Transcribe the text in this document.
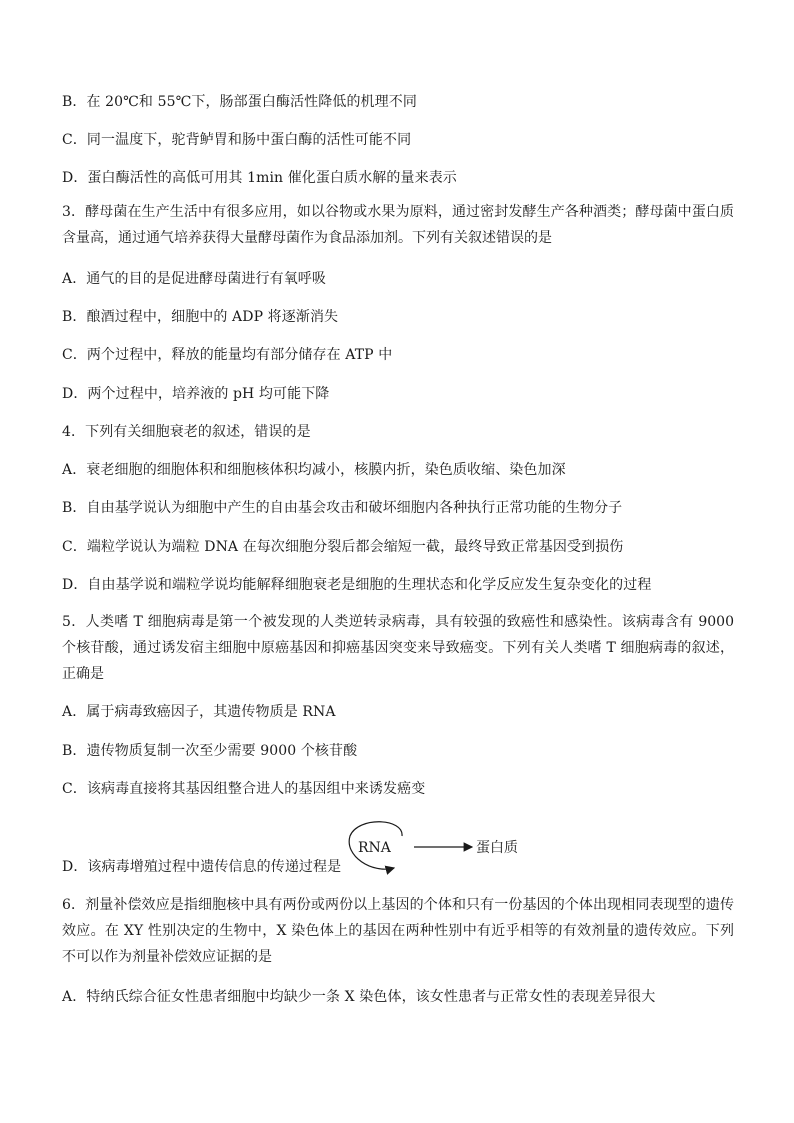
B．在 20℃和 55℃下，肠部蛋白酶活性降低的机理不同
C．同一温度下，驼背鲈胃和肠中蛋白酶的活性可能不同
D．蛋白酶活性的高低可用其 1min 催化蛋白质水解的量来表示
3．酵母菌在生产生活中有很多应用，如以谷物或水果为原料，通过密封发酵生产各种酒类；酵母菌中蛋白质含量高，通过通气培养获得大量酵母菌作为食品添加剂。下列有关叙述错误的是
A．通气的目的是促进酵母菌进行有氧呼吸
B．酿酒过程中，细胞中的 ADP 将逐渐消失
C．两个过程中，释放的能量均有部分储存在 ATP 中
D．两个过程中，培养液的 pH 均可能下降
4．下列有关细胞衰老的叙述，错误的是
A．衰老细胞的细胞体积和细胞核体积均减小，核膜内折，染色质收缩、染色加深
B．自由基学说认为细胞中产生的自由基会攻击和破坏细胞内各种执行正常功能的生物分子
C．端粒学说认为端粒 DNA 在每次细胞分裂后都会缩短一截，最终导致正常基因受到损伤
D．自由基学说和端粒学说均能解释细胞衰老是细胞的生理状态和化学反应发生复杂变化的过程
5．人类嗜 T 细胞病毒是第一个被发现的人类逆转录病毒，具有较强的致癌性和感染性。该病毒含有 9000 个核苷酸，通过诱发宿主细胞中原癌基因和抑癌基因突变来导致癌变。下列有关人类嗜 T 细胞病毒的叙述，正确是
A．属于病毒致癌因子，其遗传物质是 RNA
B．遗传物质复制一次至少需要 9000 个核苷酸
C．该病毒直接将其基因组整合进人的基因组中来诱发癌变
D．该病毒增殖过程中遗传信息的传递过程是
RNA	蛋白质
6．剂量补偿效应是指细胞核中具有两份或两份以上基因的个体和只有一份基因的个体出现相同表现型的遗传效应。在 XY 性别决定的生物中，X 染色体上的基因在两种性别中有近乎相等的有效剂量的遗传效应。下列不可以作为剂量补偿效应证据的是
A．特纳氏综合征女性患者细胞中均缺少一条 X 染色体，该女性患者与正常女性的表现差异很大
